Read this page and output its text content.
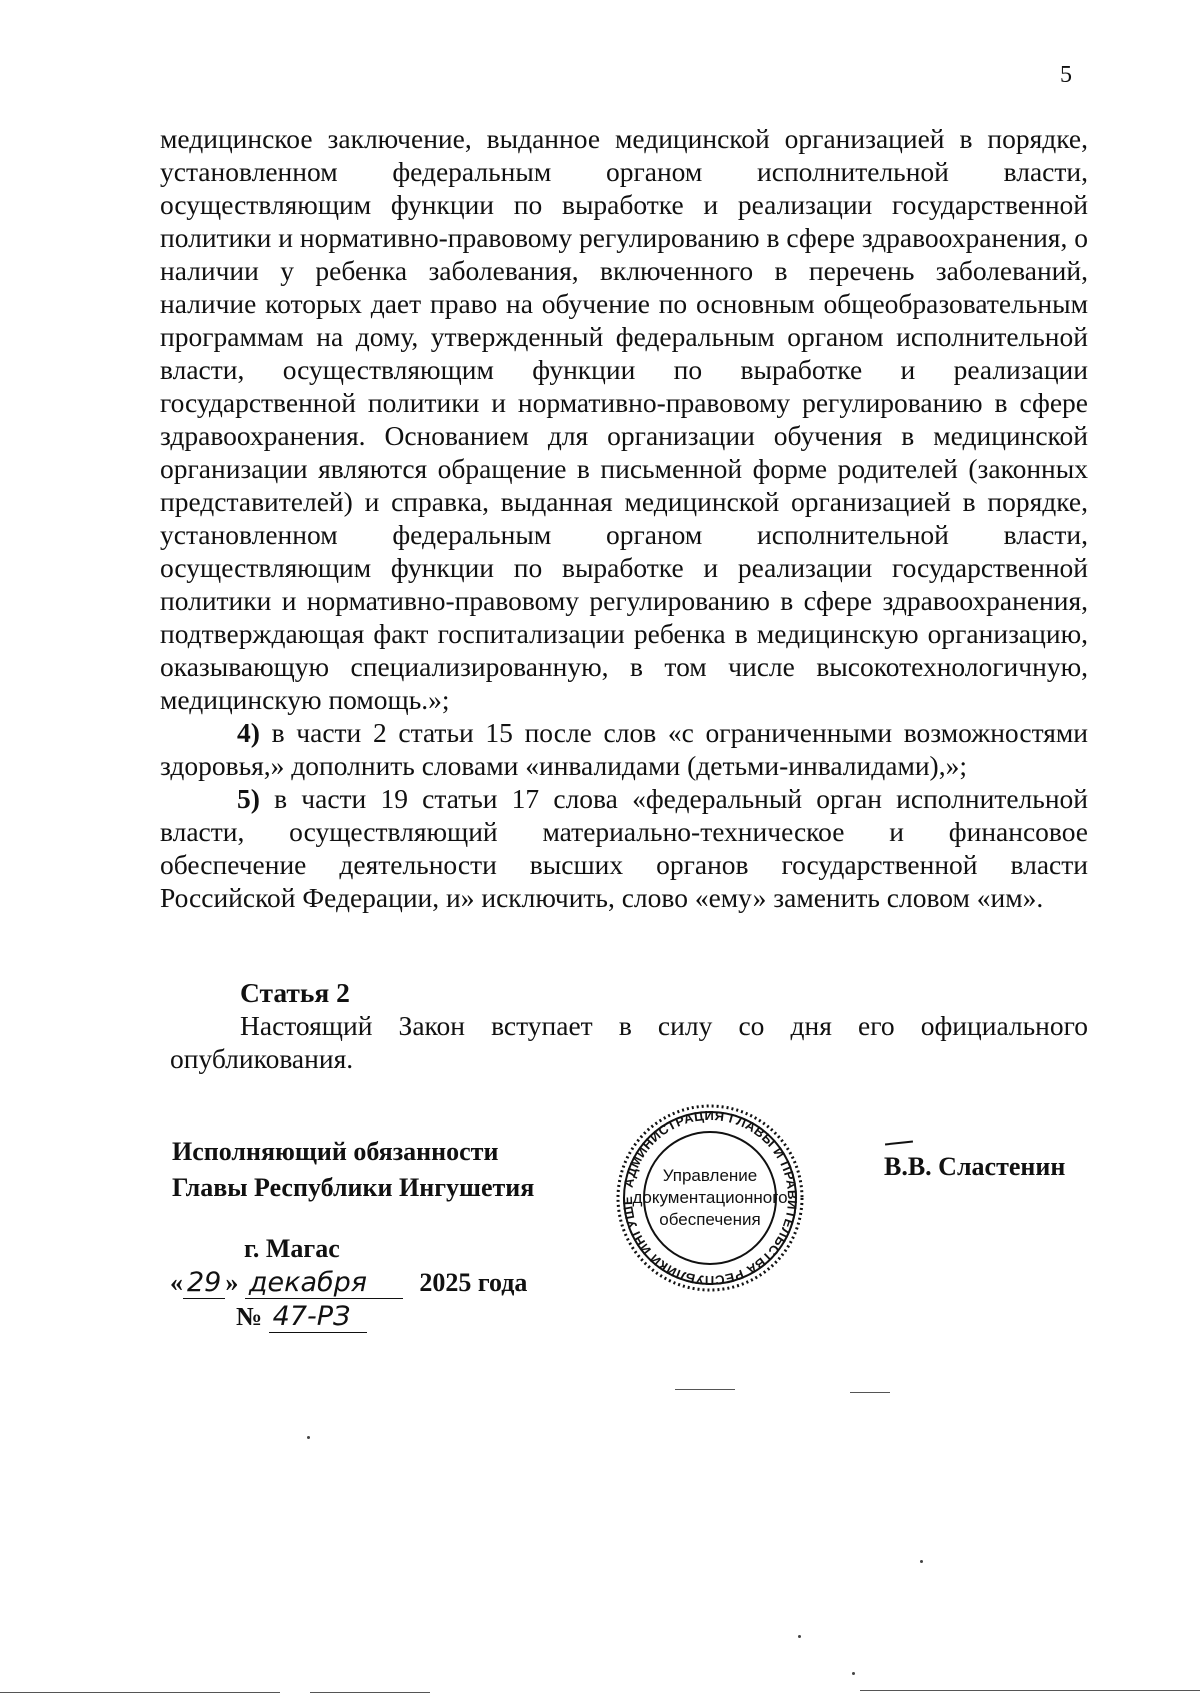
5

медицинское заключение, выданное медицинской организацией в порядке, установленном федеральным органом исполнительной власти, осуществляющим функции по выработке и реализации государственной политики и нормативно-правовому регулированию в сфере здравоохранения, о наличии у ребенка заболевания, включенного в перечень заболеваний, наличие которых дает право на обучение по основным общеобразовательным программам на дому, утвержденный федеральным органом исполнительной власти, осуществляющим функции по выработке и реализации государственной политики и нормативно-правовому регулированию в сфере здравоохранения. Основанием для организации обучения в медицинской организации являются обращение в письменной форме родителей (законных представителей) и справка, выданная медицинской организацией в порядке, установленном федеральным органом исполнительной власти, осуществляющим функции по выработке и реализации государственной политики и нормативно-правовому регулированию в сфере здравоохранения, подтверждающая факт госпитализации ребенка в медицинскую организацию, оказывающую специализированную, в том числе высокотехнологичную, медицинскую помощь.»;

4) в части 2 статьи 15 после слов «с ограниченными возможностями здоровья,» дополнить словами «инвалидами (детьми-инвалидами),»;

5) в части 19 статьи 17 слова «федеральный орган исполнительной власти, осуществляющий материально-техническое и финансовое обеспечение деятельности высших органов государственной власти Российской Федерации, и» исключить, слово «ему» заменить словом «им».

Статья 2

Настоящий Закон вступает в силу со дня его официального опубликования.

Исполняющий обязанности
Главы Республики Ингушетия	АДМИНИСТРАЦИЯ ГЛАВЫ И ПРАВИТЕЛЬСТВА РЕСПУБЛИКИ ИНГУШЕ
Управление
документационного
обеспечения
В.В. Сластенин
г. Магас
« 29 » декабря 2025 года
№ 47-РЗ
